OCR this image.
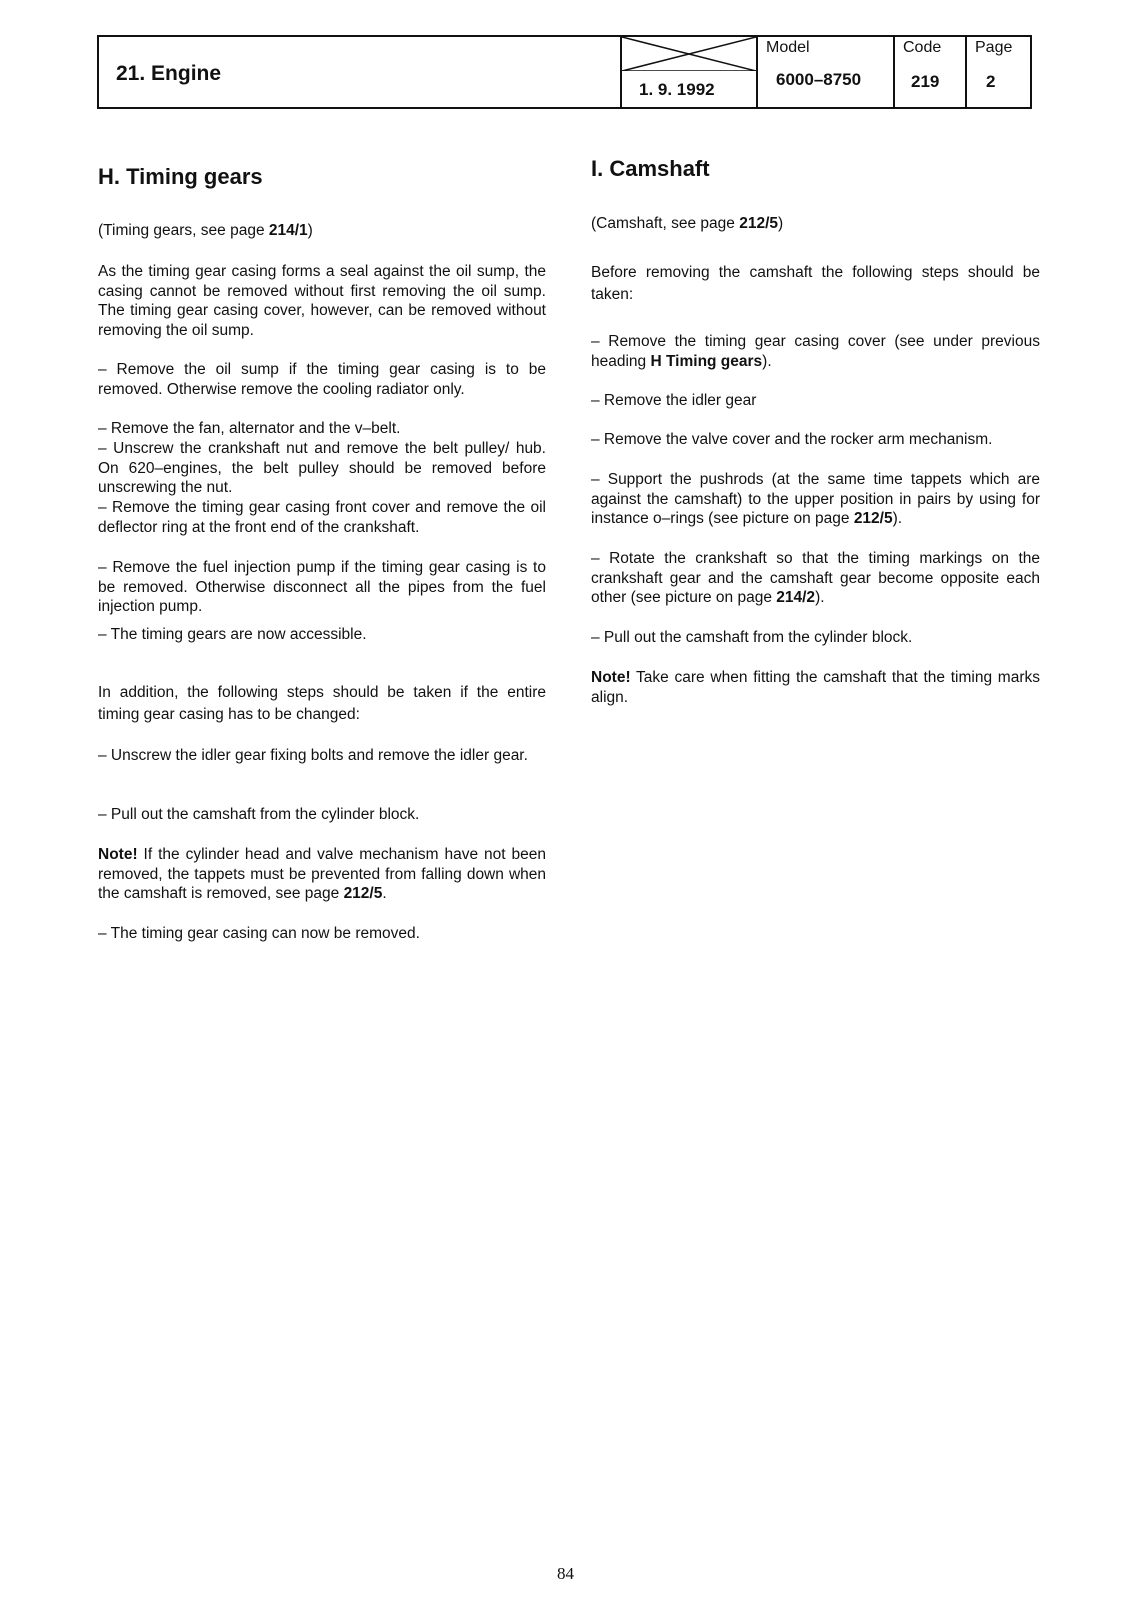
21. Engine
1. 9. 1992
Model
6000–8750
Code
219
Page
2
H. Timing gears

(Timing gears, see page 214/1)

As the timing gear casing forms a seal against the oil sump, the casing cannot be removed without first removing the oil sump. The timing gear casing cover, however, can be removed without removing the oil sump.

– Remove the oil sump if the timing gear casing is to be removed. Otherwise remove the cooling radiator only.

– Remove the fan, alternator and the v–belt.

– Unscrew the crankshaft nut and remove the belt pulley/ hub. On 620–engines, the belt pulley should be removed before unscrewing the nut.

– Remove the timing gear casing front cover and remove the oil deflector ring at the front end of the crankshaft.

– Remove the fuel injection pump if the timing gear casing is to be removed. Otherwise disconnect all the pipes from the fuel injection pump.

– The timing gears are now accessible.

In addition, the following steps should be taken if the entire timing gear casing has to be changed:

– Unscrew the idler gear fixing bolts and remove the idler gear.

– Pull out the camshaft from the cylinder block.

Note! If the cylinder head and valve mechanism have not been removed, the tappets must be prevented from falling down when the camshaft is removed, see page 212/5.

– The timing gear casing can now be removed.

I. Camshaft

(Camshaft, see page 212/5)

Before removing the camshaft the following steps should be taken:

– Remove the timing gear casing cover (see under previous heading H Timing gears).

– Remove the idler gear

– Remove the valve cover and the rocker arm mechanism.

– Support the pushrods (at the same time tappets which are against the camshaft) to the upper position in pairs by using for instance o–rings (see picture on page 212/5).

– Rotate the crankshaft so that the timing markings on the crankshaft gear and the camshaft gear become opposite each other (see picture on page 214/2).

– Pull out the camshaft from the cylinder block.

Note! Take care when fitting the camshaft that the timing marks align.

84
